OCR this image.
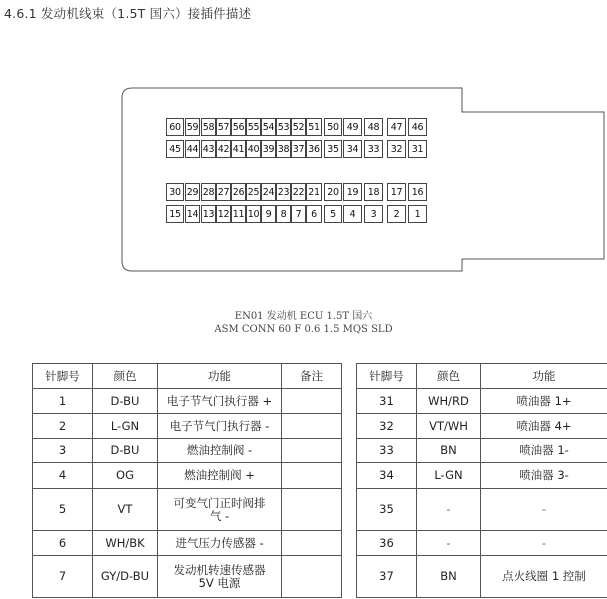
4.6.1 发动机线束（1.5T 国六）接插件描述
60 59 58 57 56 55 54 53 52 51 50 49	48	47	46
45 44 43 42 41 40 39 38 37 36 35 34	33	32	31
30 29 28 27 26 25 24 23 22 21 20 19	18	17	16
15 14 13 12 11 10 9 8 7	6	5	4	3	2	1
EN01 发动机 ECU 1.5T 国六
ASM CONN 60 F 0.6 1.5 MQS SLD
针脚号	颜色	功能	备注
1	D-BU	电子节气门执行器 +	
2	L-GN	电子节气门执行器 -	
3	D-BU	燃油控制阀 -	
4	OG	燃油控制阀 +	
5	VT	可变气门正时阀排气 -	
6	WH/BK	进气压力传感器 -	
7	GY/D-BU	发动机转速传感器 5V 电源	
针脚号	颜色	功能
31	WH/RD	喷油器 1+
32	VT/WH	喷油器 4+
33	BN	喷油器 1-
34	L-GN	喷油器 3-
35	-	-
36	-	-
37	BN	点火线圈 1 控制
